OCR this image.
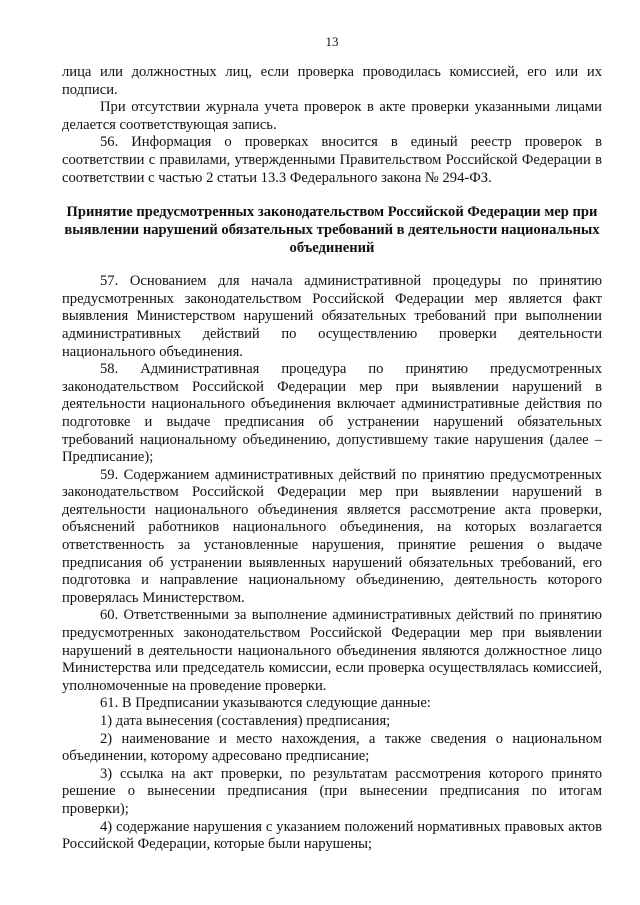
13

лица или должностных лиц, если проверка проводилась комиссией, его или их подписи.

При отсутствии журнала учета проверок в акте проверки указанными лицами делается соответствующая запись.

56. Информация о проверках вносится в единый реестр проверок в соответствии с правилами, утвержденными Правительством Российской Федерации в соответствии с частью 2 статьи 13.3 Федерального закона № 294-ФЗ.

Принятие предусмотренных законодательством Российской Федерации мер при выявлении нарушений обязательных требований в деятельности национальных объединений

57. Основанием для начала административной процедуры по принятию предусмотренных законодательством Российской Федерации мер является факт выявления Министерством нарушений обязательных требований при выполнении административных действий по осуществлению проверки деятельности национального объединения.

58. Административная процедура по принятию предусмотренных законодательством Российской Федерации мер при выявлении нарушений в деятельности национального объединения включает административные действия по подготовке и выдаче предписания об устранении нарушений обязательных требований национальному объединению, допустившему такие нарушения (далее – Предписание);

59. Содержанием административных действий по принятию предусмотренных законодательством Российской Федерации мер при выявлении нарушений в деятельности национального объединения является рассмотрение акта проверки, объяснений работников национального объединения, на которых возлагается ответственность за установленные нарушения, принятие решения о выдаче предписания об устранении выявленных нарушений обязательных требований, его подготовка и направление национальному объединению, деятельность которого проверялась Министерством.

60. Ответственными за выполнение административных действий по принятию предусмотренных законодательством Российской Федерации мер при выявлении нарушений в деятельности национального объединения являются должностное лицо Министерства или председатель комиссии, если проверка осуществлялась комиссией, уполномоченные на проведение проверки.

61. В Предписании указываются следующие данные:

1) дата вынесения (составления) предписания;

2) наименование и место нахождения, а также сведения о национальном объединении, которому адресовано предписание;

3) ссылка на акт проверки, по результатам рассмотрения которого принято решение о вынесении предписания (при вынесении предписания по итогам проверки);

4) содержание нарушения с указанием положений нормативных правовых актов Российской Федерации, которые были нарушены;
